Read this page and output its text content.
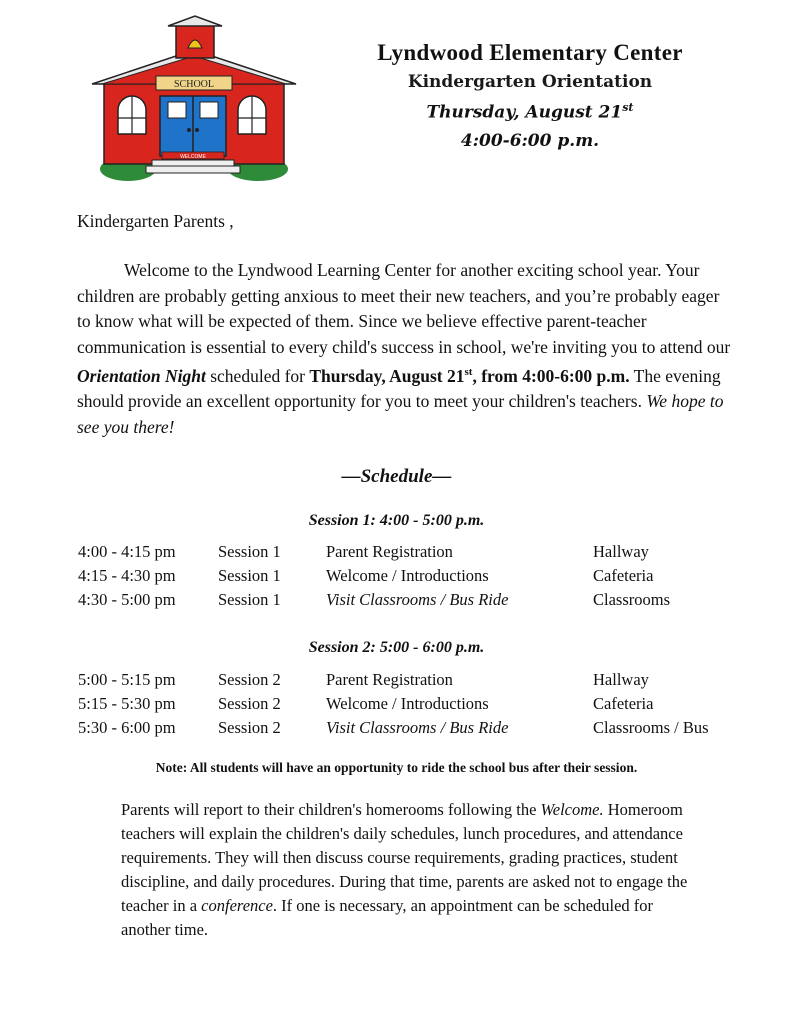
SCHOOL
WELCOME
Lyndwood Elementary Center
Kindergarten Orientation
Thursday, August 21st
4:00-6:00 p.m.
Kindergarten Parents ,
Welcome to the Lyndwood Learning Center for another exciting school year. Your children are probably getting anxious to meet their new teachers, and you’re probably eager to know what will be expected of them. Since we believe effective parent-teacher communication is essential to every child's success in school, we're inviting you to attend our Orientation Night scheduled for Thursday, August 21st, from 4:00-6:00 p.m. The evening should provide an excellent opportunity for you to meet your children's teachers. We hope to see you there!
—Schedule—
Session 1: 4:00 - 5:00 p.m.
4:00 - 4:15 pm	Session 1	Parent Registration	Hallway
4:15 - 4:30 pm	Session 1	Welcome / Introductions	Cafeteria
4:30 - 5:00 pm	Session 1	Visit Classrooms / Bus Ride	Classrooms
Session 2: 5:00 - 6:00 p.m.
5:00 - 5:15 pm	Session 2	Parent Registration	Hallway
5:15 - 5:30 pm	Session 2	Welcome / Introductions	Cafeteria
5:30 - 6:00 pm	Session 2	Visit Classrooms / Bus Ride	Classrooms / Bus
Note: All students will have an opportunity to ride the school bus after their session.
Parents will report to their children's homerooms following the Welcome. Homeroom teachers will explain the children's daily schedules, lunch procedures, and attendance requirements. They will then discuss course requirements, grading practices, student discipline, and daily procedures. During that time, parents are asked not to engage the teacher in a conference. If one is necessary, an appointment can be scheduled for another time.
